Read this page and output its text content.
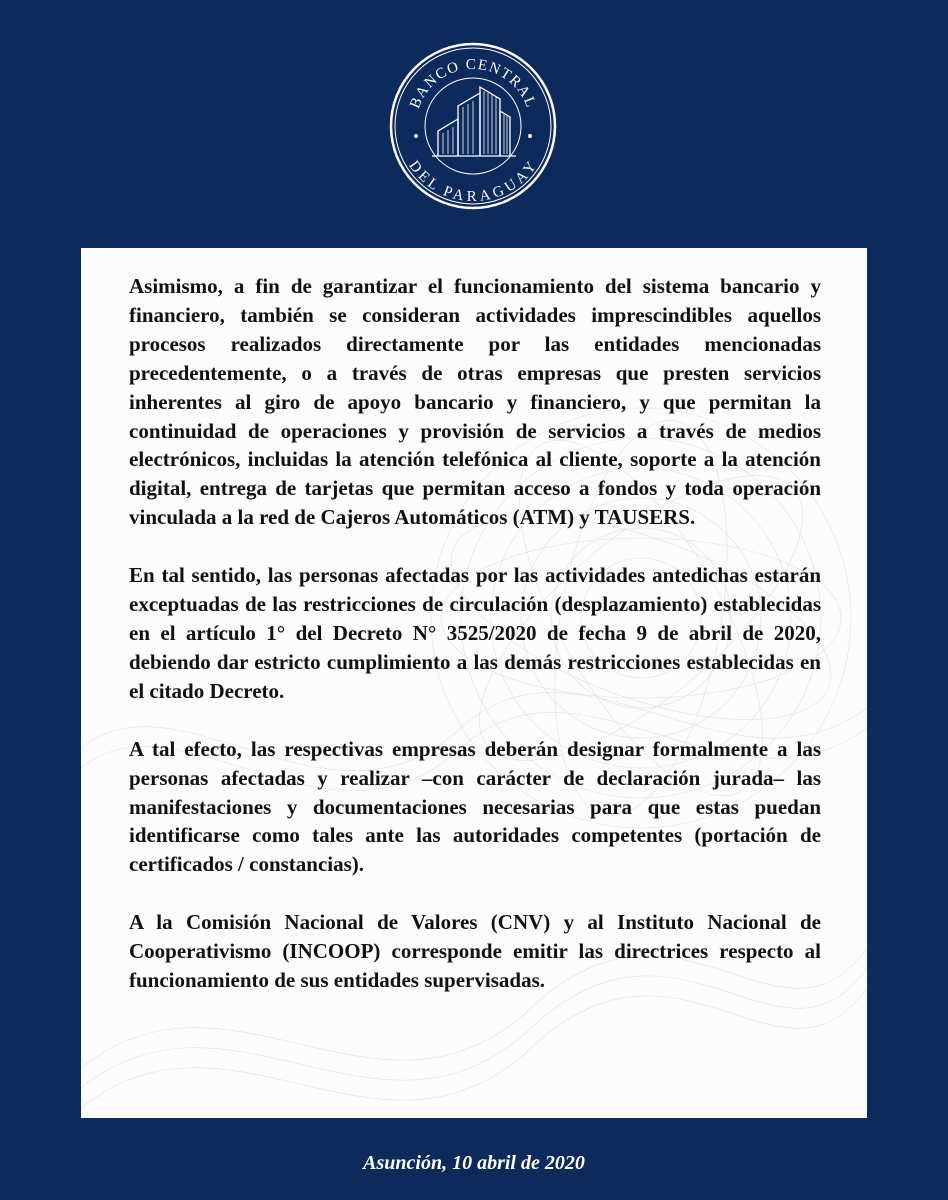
BANCO CENTRAL
DEL PARAGUAY

Asimismo, a fin de garantizar el funcionamiento del sistema bancario y financiero, también se consideran actividades imprescindibles aquellos procesos realizados directamente por las entidades mencionadas precedentemente, o a través de otras empresas que presten servicios inherentes al giro de apoyo bancario y financiero, y que permitan la continuidad de operaciones y provisión de servicios a través de medios electrónicos, incluidas la atención telefónica al cliente, soporte a la atención digital, entrega de tarjetas que permitan acceso a fondos y toda operación vinculada a la red de Cajeros Automáticos (ATM) y TAUSERS.

En tal sentido, las personas afectadas por las actividades antedichas estarán exceptuadas de las restricciones de circulación (desplazamiento) establecidas en el artículo 1° del Decreto N° 3525/2020 de fecha 9 de abril de 2020, debiendo dar estricto cumplimiento a las demás restricciones establecidas en el citado Decreto.

A tal efecto, las respectivas empresas deberán designar formalmente a las personas afectadas y realizar –con carácter de declaración jurada– las manifestaciones y documentaciones necesarias para que estas puedan identificarse como tales ante las autoridades competentes (portación de certificados / constancias).

A la Comisión Nacional de Valores (CNV) y al Instituto Nacional de Cooperativismo (INCOOP) corresponde emitir las directrices respecto al funcionamiento de sus entidades supervisadas.

Asunción, 10 abril de 2020
